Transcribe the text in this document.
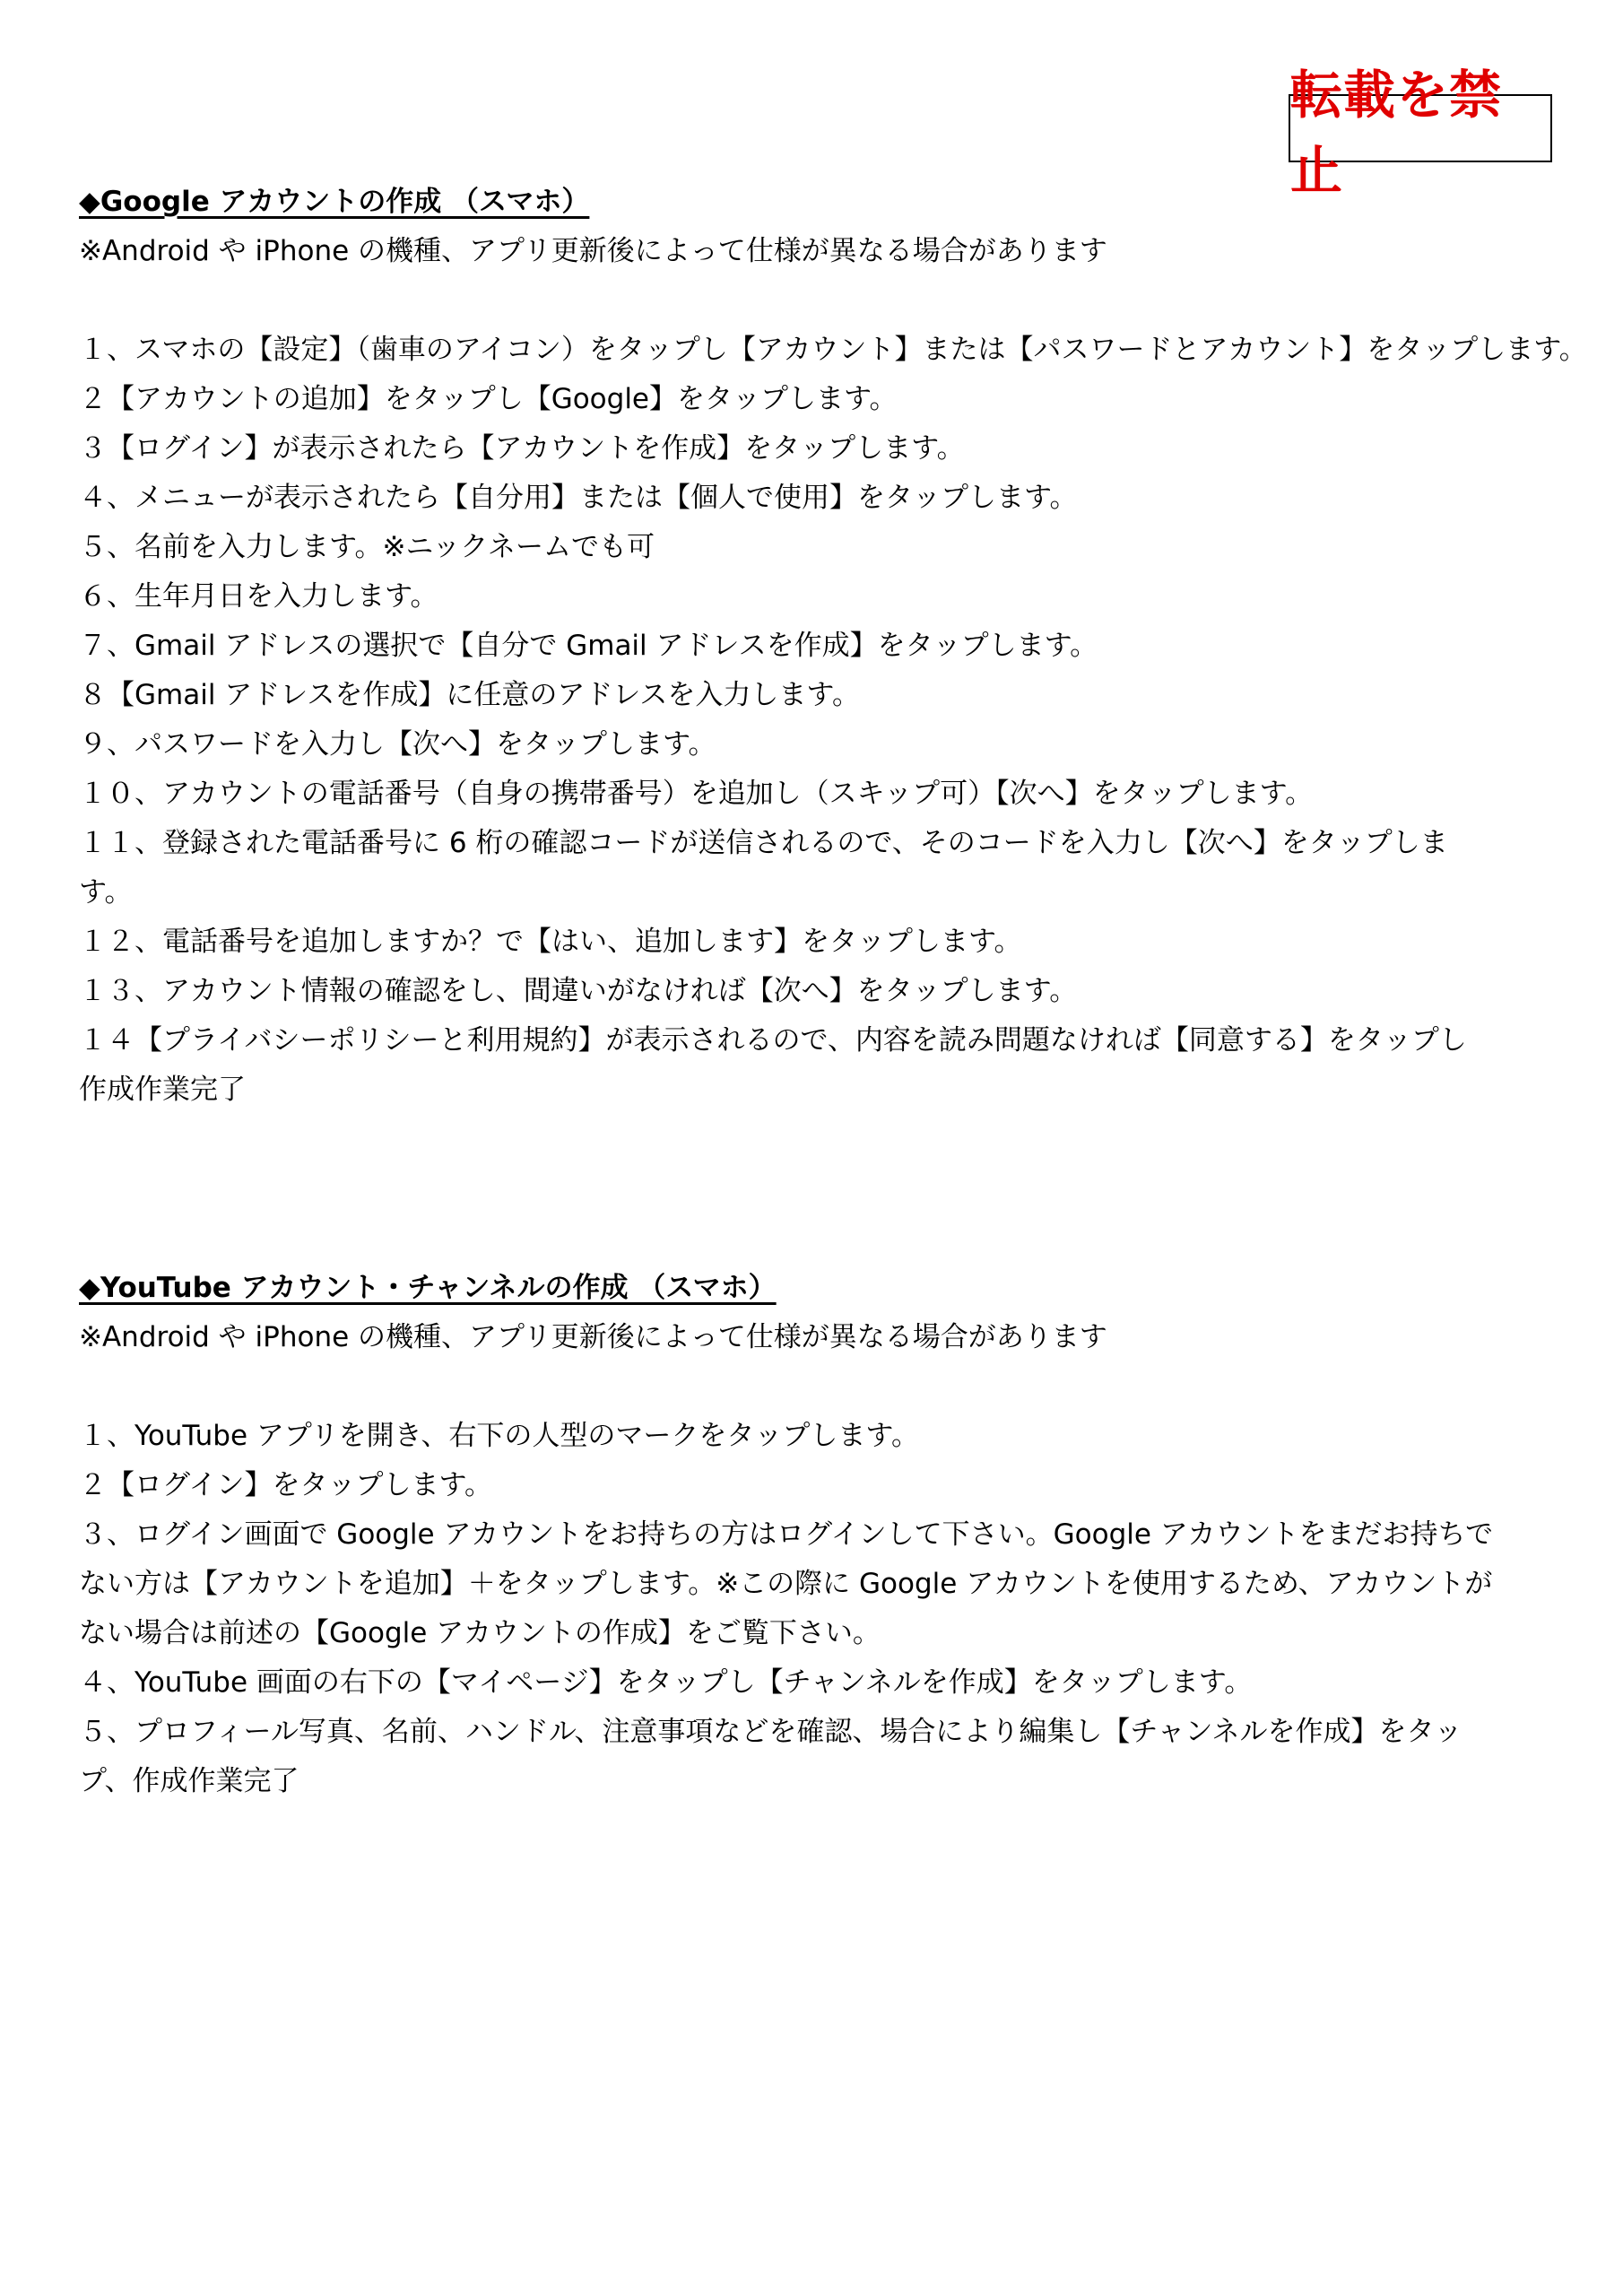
転載を禁止
◆Google アカウントの作成 （スマホ）
※Android や iPhone の機種、アプリ更新後によって仕様が異なる場合があります
１、スマホの【設定】（歯車のアイコン）をタップし【アカウント】または【パスワードとアカウント】をタップします。
２【アカウントの追加】をタップし【Google】をタップします。
３【ログイン】が表示されたら【アカウントを作成】をタップします。
４、メニューが表示されたら【自分用】または【個人で使用】をタップします。
５、名前を入力します。※ニックネームでも可
６、生年月日を入力します。
７、Gmail アドレスの選択で【自分で Gmail アドレスを作成】をタップします。
８【Gmail アドレスを作成】に任意のアドレスを入力します。
９、パスワードを入力し【次へ】をタップします。
１０、アカウントの電話番号（自身の携帯番号）を追加し（スキップ可）【次へ】をタップします。
１１、登録された電話番号に 6 桁の確認コードが送信されるので、そのコードを入力し【次へ】をタップしま
す。
１２、電話番号を追加しますか？で【はい、追加します】をタップします。
１３、アカウント情報の確認をし、間違いがなければ【次へ】をタップします。
１４【プライバシーポリシーと利用規約】が表示されるので、内容を読み問題なければ【同意する】をタップし
作成作業完了
◆YouTube アカウント・チャンネルの作成 （スマホ）
※Android や iPhone の機種、アプリ更新後によって仕様が異なる場合があります
１、YouTube アプリを開き、右下の人型のマークをタップします。
２【ログイン】をタップします。
３、ログイン画面で Google アカウントをお持ちの方はログインして下さい。Google アカウントをまだお持ちで
ない方は【アカウントを追加】＋をタップします。※この際に Google アカウントを使用するため、アカウントが
ない場合は前述の【Google アカウントの作成】をご覧下さい。
４、YouTube 画面の右下の【マイページ】をタップし【チャンネルを作成】をタップします。
５、プロフィール写真、名前、ハンドル、注意事項などを確認、場合により編集し【チャンネルを作成】をタッ
プ、作成作業完了
